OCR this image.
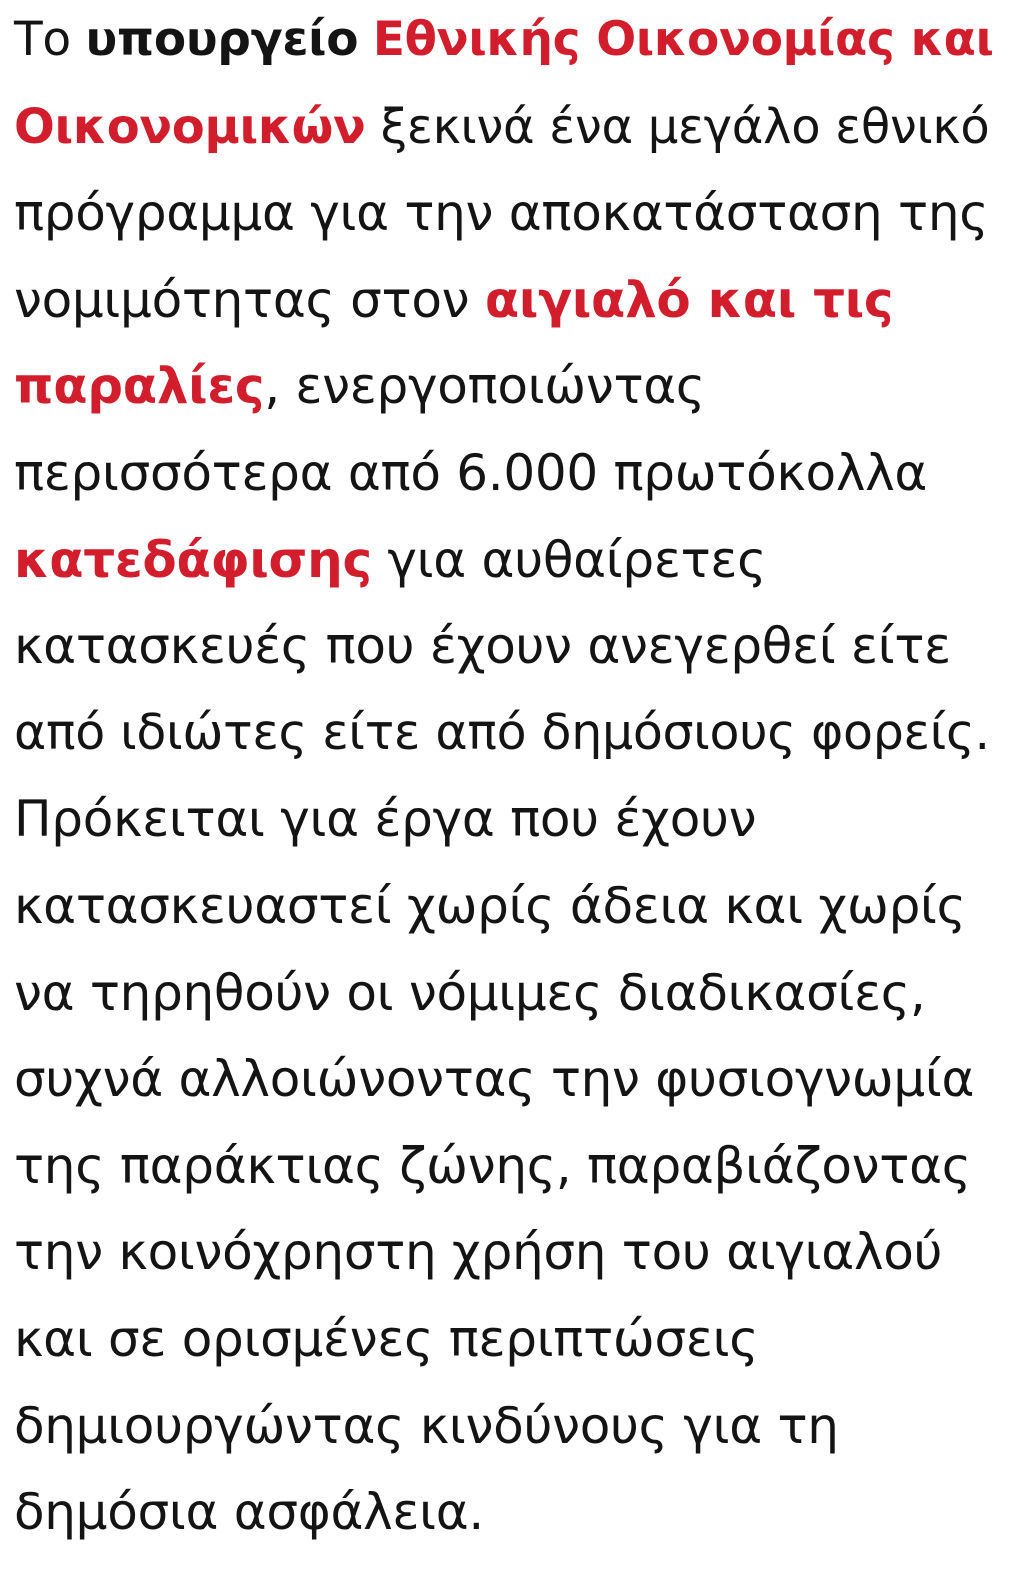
Το υπουργείο Εθνικής Οικονομίας και
Οικονομικών ξεκινά ένα μεγάλο εθνικό
πρόγραμμα για την αποκατάσταση της
νομιμότητας στον αιγιαλό και τις
παραλίες, ενεργοποιώντας
περισσότερα από 6.000 πρωτόκολλα
κατεδάφισης για αυθαίρετες
κατασκευές που έχουν ανεγερθεί είτε
από ιδιώτες είτε από δημόσιους φορείς.
Πρόκειται για έργα που έχουν
κατασκευαστεί χωρίς άδεια και χωρίς
να τηρηθούν οι νόμιμες διαδικασίες,
συχνά αλλοιώνοντας την φυσιογνωμία
της παράκτιας ζώνης, παραβιάζοντας
την κοινόχρηστη χρήση του αιγιαλού
και σε ορισμένες περιπτώσεις
δημιουργώντας κινδύνους για τη
δημόσια ασφάλεια.
